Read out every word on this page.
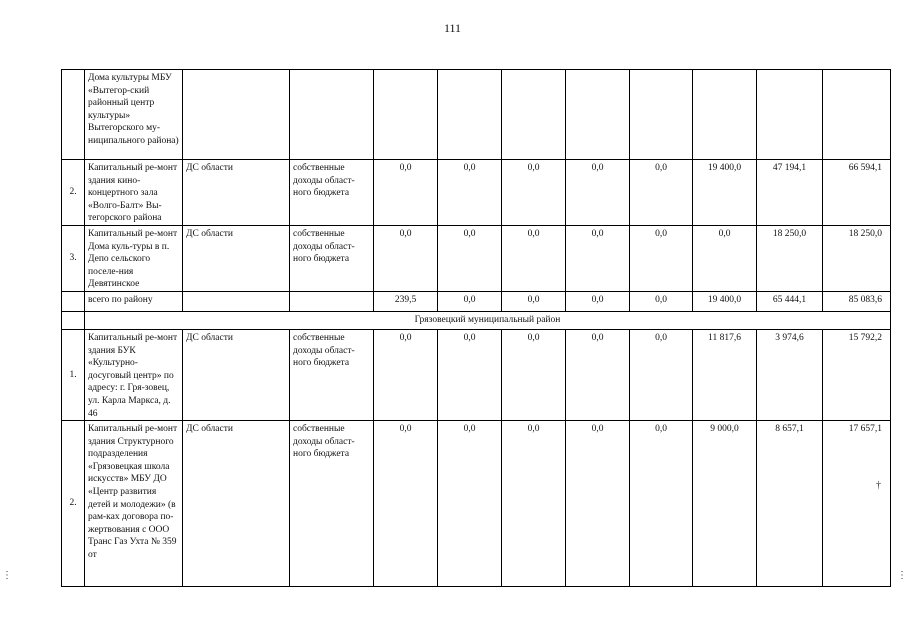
111
	Дома культуры МБУ «Вытегор-ский районный центр культуры» Вытегорского му-ниципального района)										
2.	Капитальный ре-монт здания кино-концертного зала «Волго-Балт» Вы-тегорского района	ДС области	собственные доходы област-ного бюджета	0,0	0,0	0,0	0,0	0,0	19 400,0	47 194,1	66 594,1
3.	Капитальный ре-монт Дома куль-туры в п. Депо сельского поселе-ния Девятинское	ДС области	собственные доходы област-ного бюджета	0,0	0,0	0,0	0,0	0,0	0,0	18 250,0	18 250,0
	всего по району			239,5	0,0	0,0	0,0	0,0	19 400,0	65 444,1	85 083,6
	Грязовецкий муниципальный район										
1.	Капитальный ре-монт здания БУК «Культурно-досуговый центр» по адресу: г. Гря-зовец, ул. Карла Маркса, д. 46	ДС области	собственные доходы област-ного бюджета	0,0	0,0	0,0	0,0	0,0	11 817,6	3 974,6	15 792,2
2.	Капитальный ре-монт здания Структурного подразделения «Грязовецкая школа искусств» МБУ ДО «Центр развития детей и молодежи» (в рам-ках договора по-жертвования с ООО Транс Газ Ухта № 359 от	ДС области	собственные доходы област-ного бюджета	0,0	0,0	0,0	0,0	0,0	9 000,0	8 657,1	17 657,1
†
⋮	⋮
